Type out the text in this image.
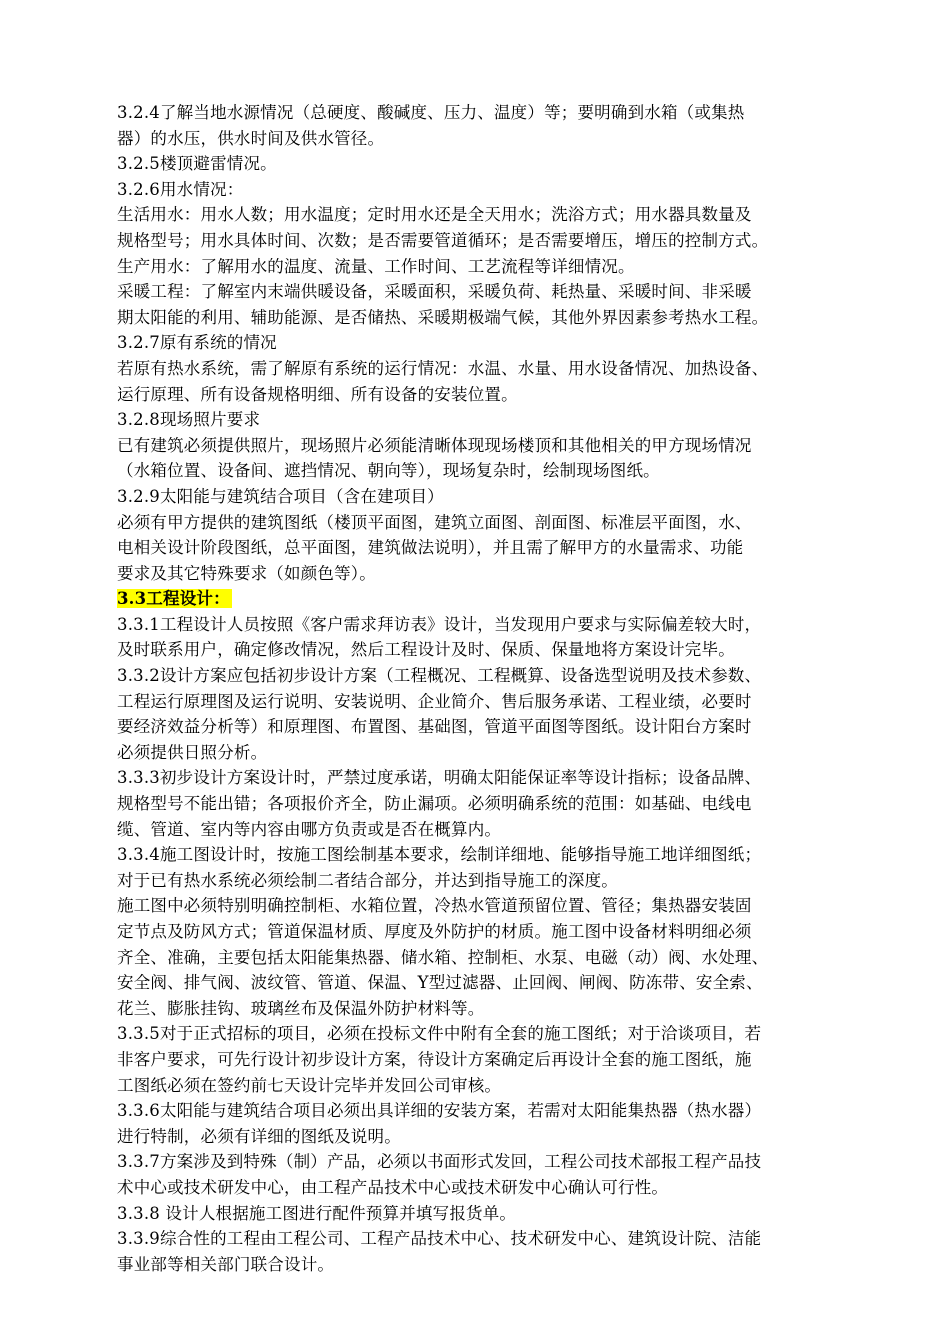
3.2.4了解当地水源情况（总硬度、酸碱度、压力、温度）等；要明确到水箱（或集热
器）的水压，供水时间及供水管径。
3.2.5楼顶避雷情况。
3.2.6用水情况：
生活用水：用水人数；用水温度；定时用水还是全天用水；洗浴方式；用水器具数量及
规格型号；用水具体时间、次数；是否需要管道循环；是否需要增压，增压的控制方式。
生产用水：了解用水的温度、流量、工作时间、工艺流程等详细情况。
采暖工程：了解室内末端供暖设备，采暖面积，采暖负荷、耗热量、采暖时间、非采暖
期太阳能的利用、辅助能源、是否储热、采暖期极端气候，其他外界因素参考热水工程。
3.2.7原有系统的情况
若原有热水系统，需了解原有系统的运行情况：水温、水量、用水设备情况、加热设备、
运行原理、所有设备规格明细、所有设备的安装位置。
3.2.8现场照片要求
已有建筑必须提供照片，现场照片必须能清晰体现现场楼顶和其他相关的甲方现场情况
（水箱位置、设备间、遮挡情况、朝向等），现场复杂时，绘制现场图纸。
3.2.9太阳能与建筑结合项目（含在建项目）
必须有甲方提供的建筑图纸（楼顶平面图，建筑立面图、剖面图、标准层平面图，水、
电相关设计阶段图纸，总平面图，建筑做法说明），并且需了解甲方的水量需求、功能
要求及其它特殊要求（如颜色等）。
3.3工程设计：
3.3.1工程设计人员按照《客户需求拜访表》设计，当发现用户要求与实际偏差较大时，
及时联系用户，确定修改情况，然后工程设计及时、保质、保量地将方案设计完毕。
3.3.2设计方案应包括初步设计方案（工程概况、工程概算、设备选型说明及技术参数、
工程运行原理图及运行说明、安装说明、企业简介、售后服务承诺、工程业绩，必要时
要经济效益分析等）和原理图、布置图、基础图，管道平面图等图纸。设计阳台方案时
必须提供日照分析。
3.3.3初步设计方案设计时，严禁过度承诺，明确太阳能保证率等设计指标；设备品牌、
规格型号不能出错；各项报价齐全，防止漏项。必须明确系统的范围：如基础、电线电
缆、管道、室内等内容由哪方负责或是否在概算内。
3.3.4施工图设计时，按施工图绘制基本要求，绘制详细地、能够指导施工地详细图纸；
对于已有热水系统必须绘制二者结合部分，并达到指导施工的深度。
施工图中必须特别明确控制柜、水箱位置，冷热水管道预留位置、管径；集热器安装固
定节点及防风方式；管道保温材质、厚度及外防护的材质。施工图中设备材料明细必须
齐全、准确，主要包括太阳能集热器、储水箱、控制柜、水泵、电磁（动）阀、水处理、
安全阀、排气阀、波纹管、管道、保温、Y型过滤器、止回阀、闸阀、防冻带、安全索、
花兰、膨胀挂钩、玻璃丝布及保温外防护材料等。
3.3.5对于正式招标的项目，必须在投标文件中附有全套的施工图纸；对于洽谈项目，若
非客户要求，可先行设计初步设计方案，待设计方案确定后再设计全套的施工图纸，施
工图纸必须在签约前七天设计完毕并发回公司审核。
3.3.6太阳能与建筑结合项目必须出具详细的安装方案，若需对太阳能集热器（热水器）
进行特制，必须有详细的图纸及说明。
3.3.7方案涉及到特殊（制）产品，必须以书面形式发回，工程公司技术部报工程产品技
术中心或技术研发中心，由工程产品技术中心或技术研发中心确认可行性。
3.3.8 设计人根据施工图进行配件预算并填写报货单。
3.3.9综合性的工程由工程公司、工程产品技术中心、技术研发中心、建筑设计院、洁能
事业部等相关部门联合设计。
